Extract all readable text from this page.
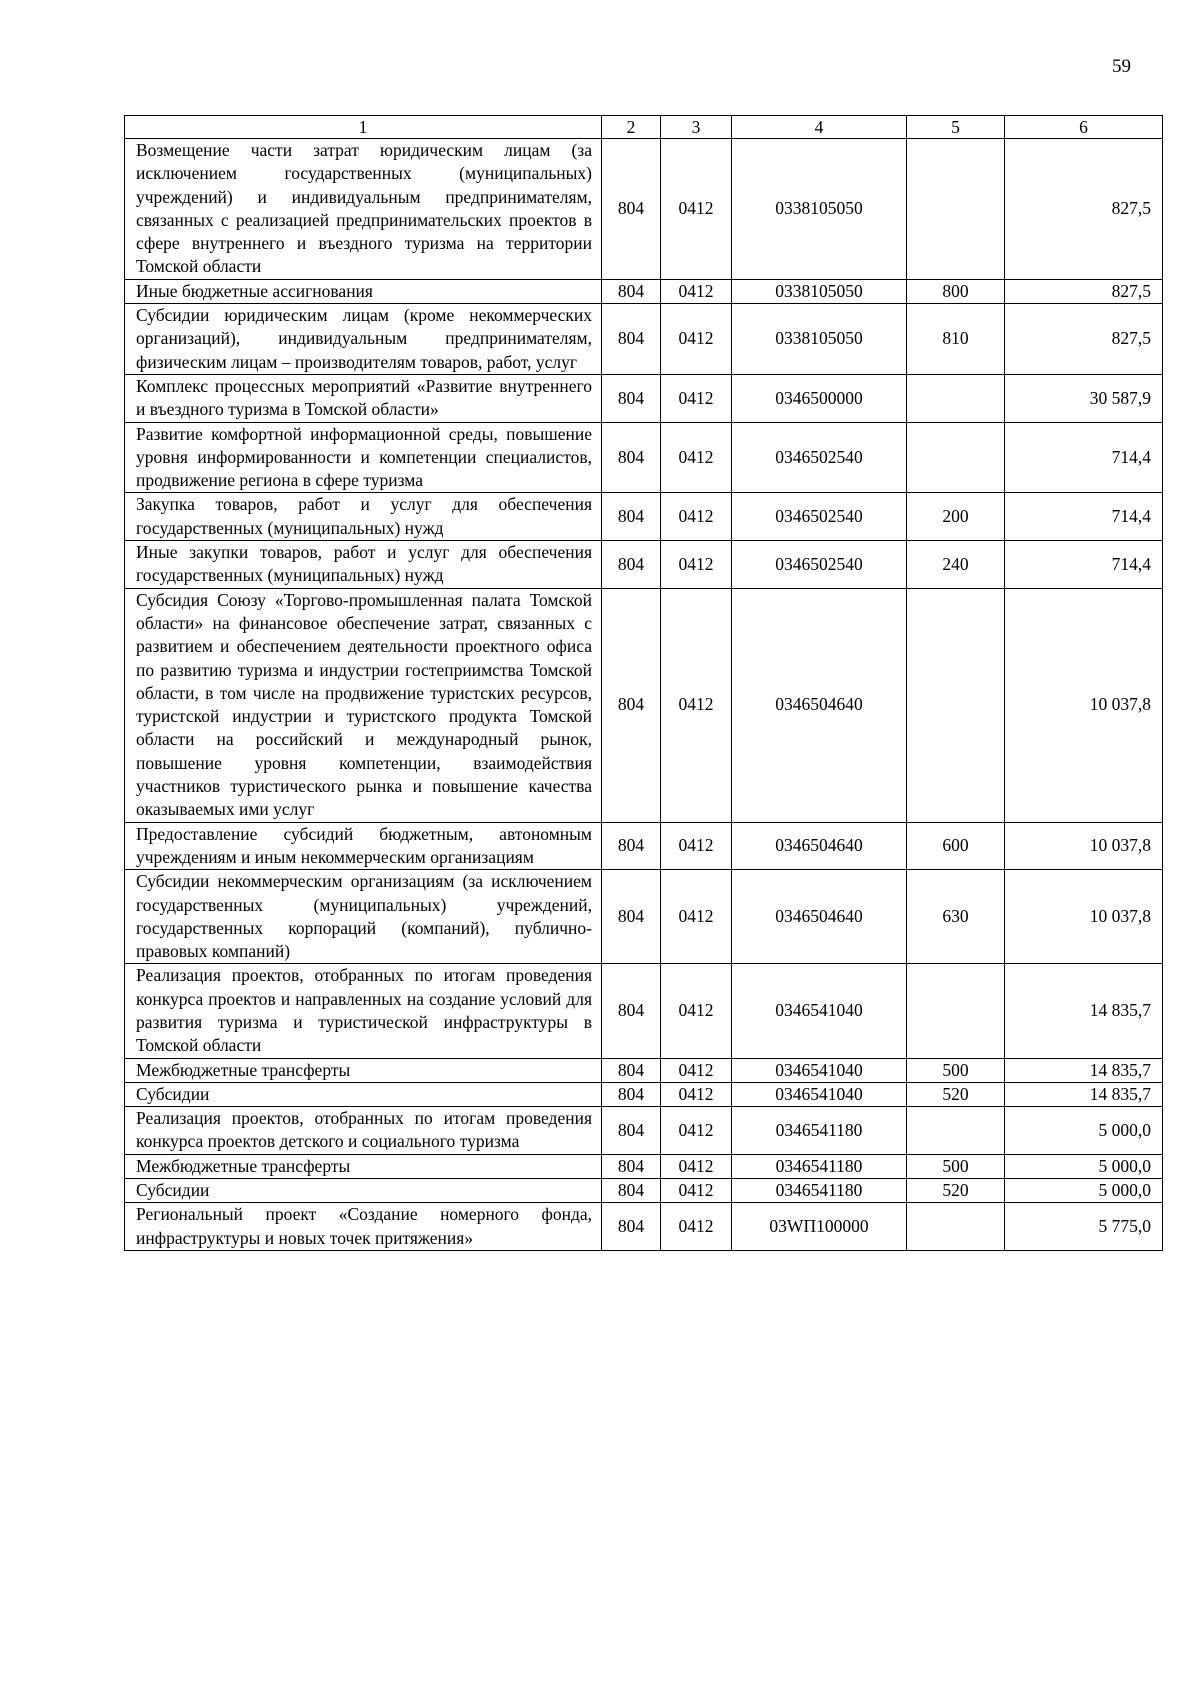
59
1	2	3	4	5	6
Возмещение части затрат юридическим лицам (за исключением государственных (муниципальных) учреждений) и индивидуальным предпринимателям, связанных с реализацией предпринимательских проектов в сфере внутреннего и въездного туризма на территории Томской области	804	0412	0338105050		827,5
Иные бюджетные ассигнования	804	0412	0338105050	800	827,5
Субсидии юридическим лицам (кроме некоммерческих организаций), индивидуальным предпринимателям, физическим лицам – производителям товаров, работ, услуг	804	0412	0338105050	810	827,5
Комплекс процессных мероприятий «Развитие внутреннего и въездного туризма в Томской области»	804	0412	0346500000		30 587,9
Развитие комфортной информационной среды, повышение уровня информированности и компетенции специалистов, продвижение региона в сфере туризма	804	0412	0346502540		714,4
Закупка товаров, работ и услуг для обеспечения государственных (муниципальных) нужд	804	0412	0346502540	200	714,4
Иные закупки товаров, работ и услуг для обеспечения государственных (муниципальных) нужд	804	0412	0346502540	240	714,4
Субсидия Союзу «Торгово-промышленная палата Томской области» на финансовое обеспечение затрат, связанных с развитием и обеспечением деятельности проектного офиса по развитию туризма и индустрии гостеприимства Томской области, в том числе на продвижение туристских ресурсов, туристской индустрии и туристского продукта Томской области на российский и международный рынок, повышение уровня компетенции, взаимодействия участников туристического рынка и повышение качества оказываемых ими услуг	804	0412	0346504640		10 037,8
Предоставление субсидий бюджетным, автономным учреждениям и иным некоммерческим организациям	804	0412	0346504640	600	10 037,8
Субсидии некоммерческим организациям (за исключением государственных (муниципальных) учреждений, государственных корпораций (компаний), публично-правовых компаний)	804	0412	0346504640	630	10 037,8
Реализация проектов, отобранных по итогам проведения конкурса проектов и направленных на создание условий для развития туризма и туристической инфраструктуры в Томской области	804	0412	0346541040		14 835,7
Межбюджетные трансферты	804	0412	0346541040	500	14 835,7
Субсидии	804	0412	0346541040	520	14 835,7
Реализация проектов, отобранных по итогам проведения конкурса проектов детского и социального туризма	804	0412	0346541180		5 000,0
Межбюджетные трансферты	804	0412	0346541180	500	5 000,0
Субсидии	804	0412	0346541180	520	5 000,0
Региональный проект «Создание номерного фонда, инфраструктуры и новых точек притяжения»	804	0412	03WП100000		5 775,0
